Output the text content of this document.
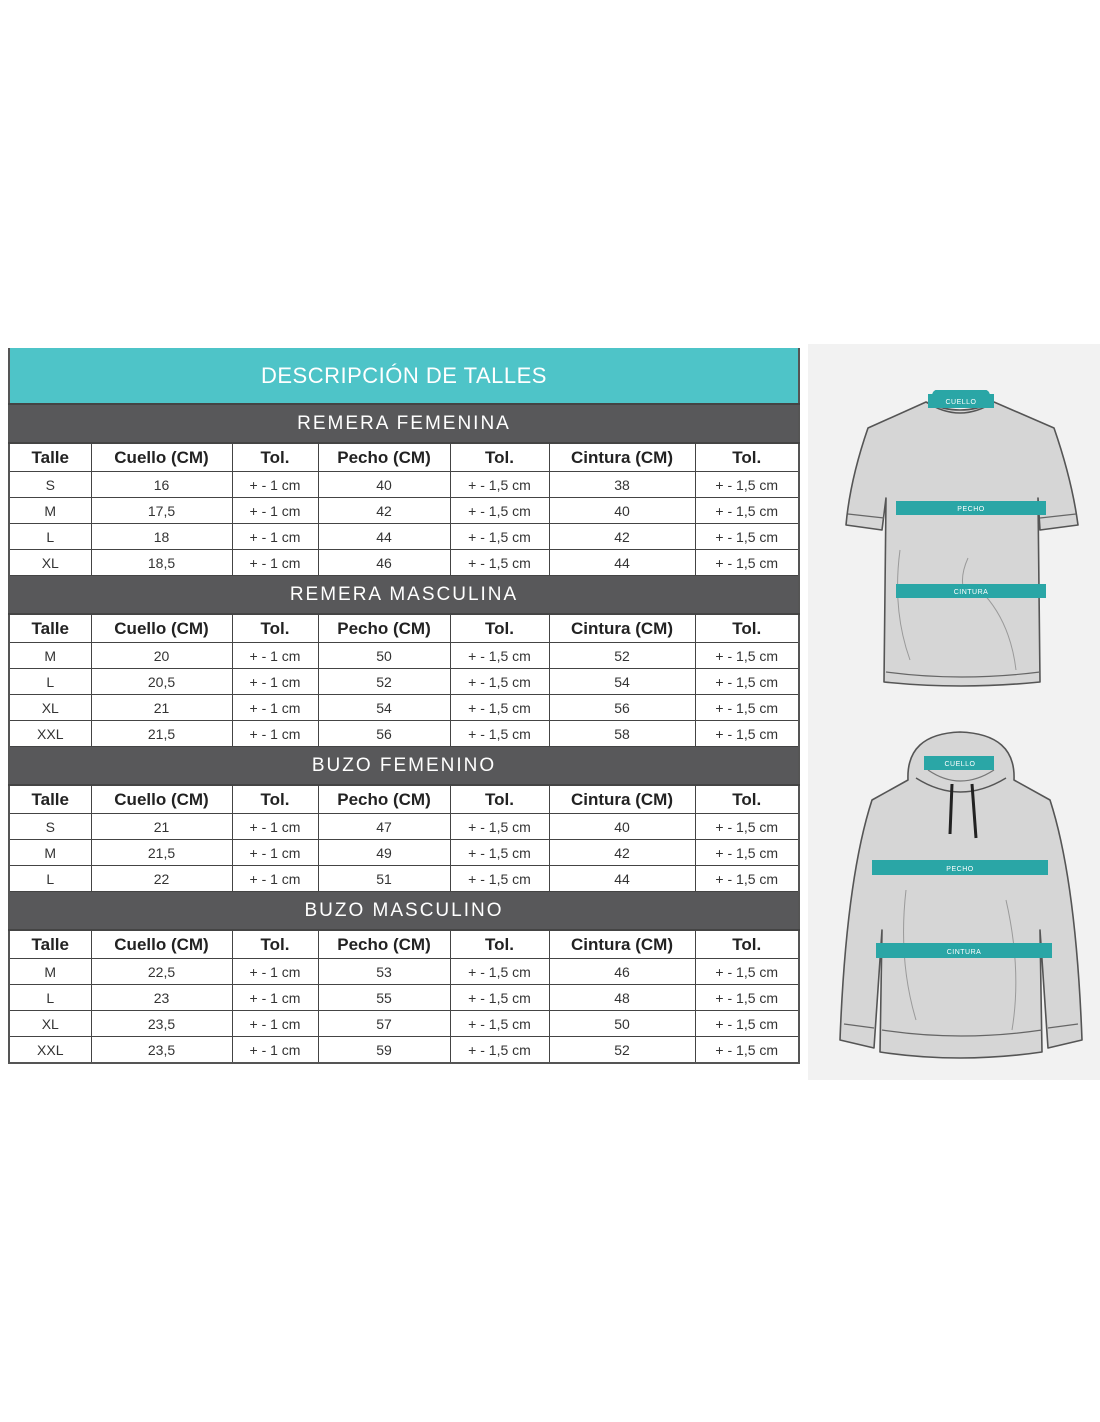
DESCRIPCIÓN DE TALLES						
REMERA FEMENINA						
Talle	Cuello (CM)	Tol.	Pecho (CM)	Tol.	Cintura (CM)	Tol.
S	16	+ - 1 cm	40	+ - 1,5 cm	38	+ - 1,5 cm
M	17,5	+ - 1 cm	42	+ - 1,5 cm	40	+ - 1,5 cm
L	18	+ - 1 cm	44	+ - 1,5 cm	42	+ - 1,5 cm
XL	18,5	+ - 1 cm	46	+ - 1,5 cm	44	+ - 1,5 cm
REMERA MASCULINA						
Talle	Cuello (CM)	Tol.	Pecho (CM)	Tol.	Cintura (CM)	Tol.
M	20	+ - 1 cm	50	+ - 1,5 cm	52	+ - 1,5 cm
L	20,5	+ - 1 cm	52	+ - 1,5 cm	54	+ - 1,5 cm
XL	21	+ - 1 cm	54	+ - 1,5 cm	56	+ - 1,5 cm
XXL	21,5	+ - 1 cm	56	+ - 1,5 cm	58	+ - 1,5 cm
BUZO FEMENINO						
Talle	Cuello (CM)	Tol.	Pecho (CM)	Tol.	Cintura (CM)	Tol.
S	21	+ - 1 cm	47	+ - 1,5 cm	40	+ - 1,5 cm
M	21,5	+ - 1 cm	49	+ - 1,5 cm	42	+ - 1,5 cm
L	22	+ - 1 cm	51	+ - 1,5 cm	44	+ - 1,5 cm
BUZO MASCULINO						
Talle	Cuello (CM)	Tol.	Pecho (CM)	Tol.	Cintura (CM)	Tol.
M	22,5	+ - 1 cm	53	+ - 1,5 cm	46	+ - 1,5 cm
L	23	+ - 1 cm	55	+ - 1,5 cm	48	+ - 1,5 cm
XL	23,5	+ - 1 cm	57	+ - 1,5 cm	50	+ - 1,5 cm
XXL	23,5	+ - 1 cm	59	+ - 1,5 cm	52	+ - 1,5 cm
CUELLO
PECHO
CINTURA
CUELLO
PECHO
CINTURA
